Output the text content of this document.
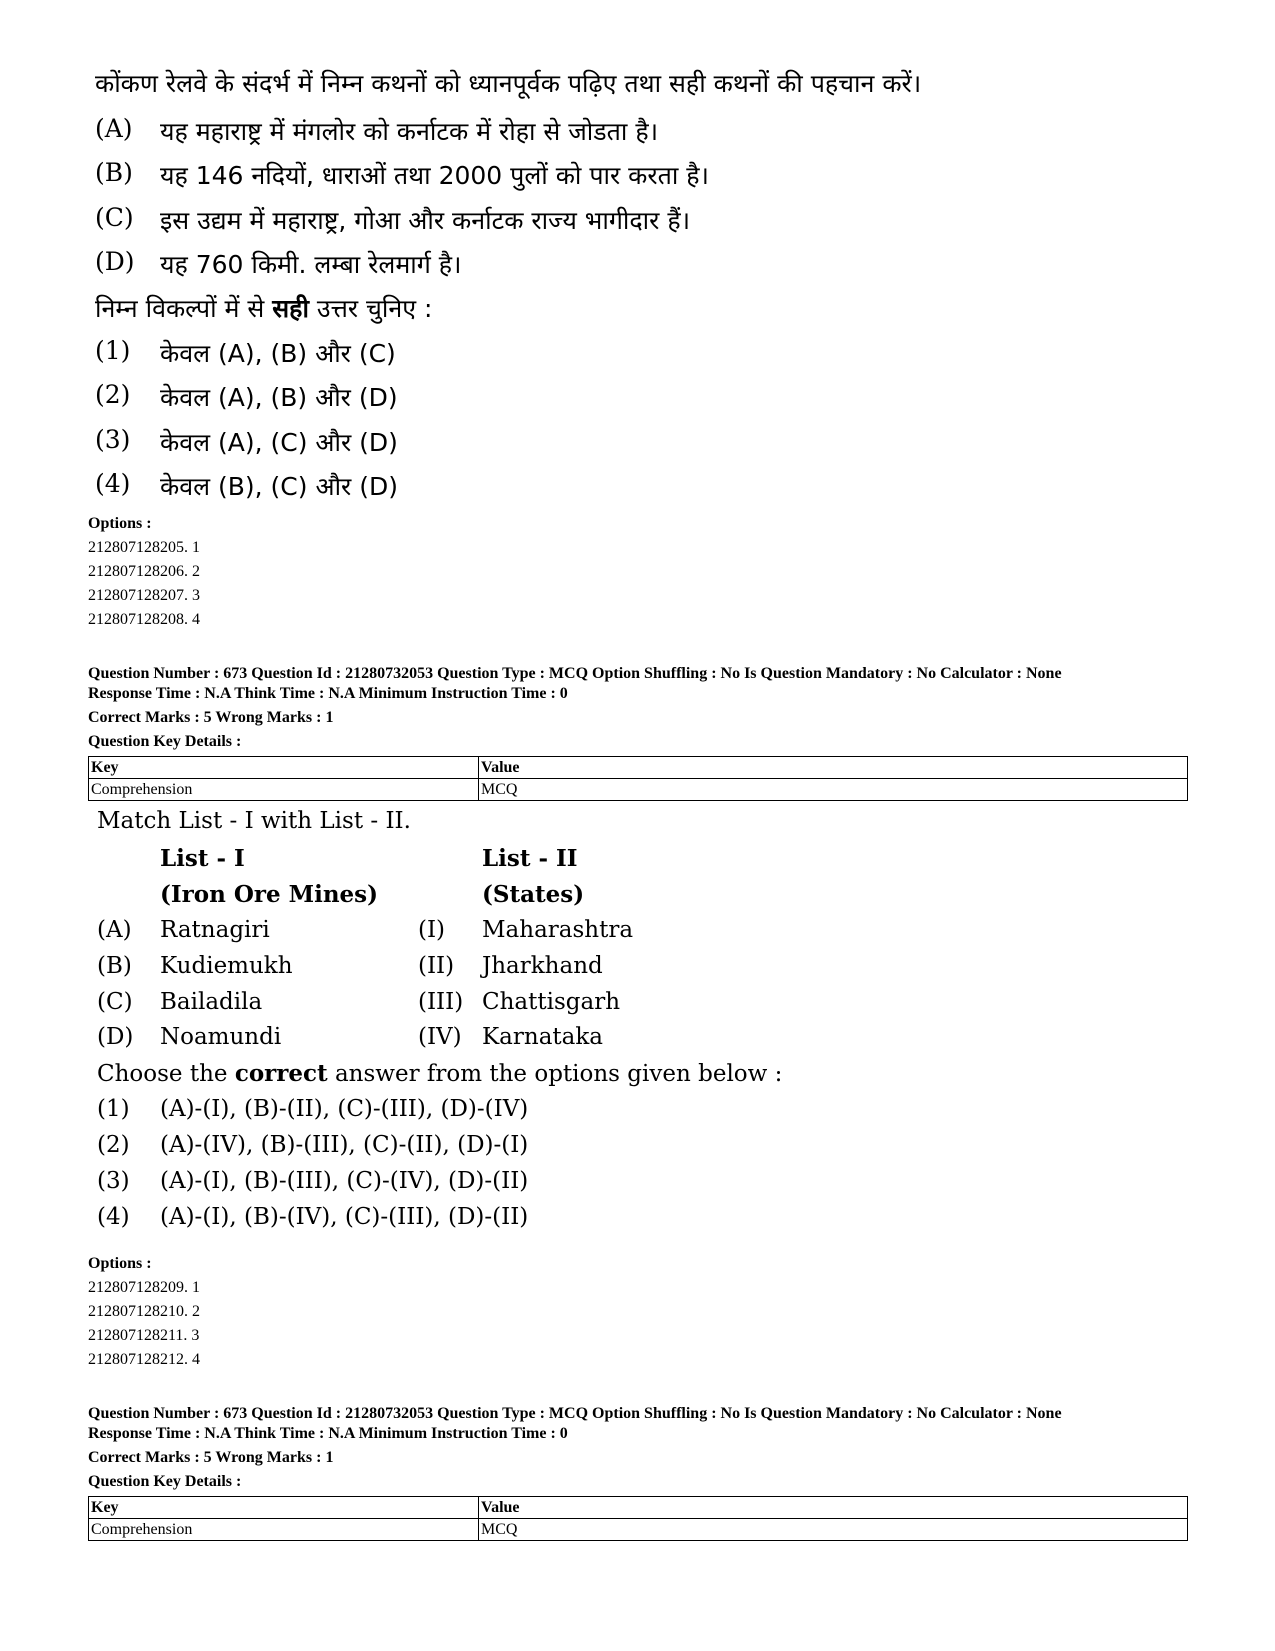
कोंकण रेलवे के संदर्भ में निम्न कथनों को ध्यानपूर्वक पढ़िए तथा सही कथनों की पहचान करें।
(A) यह महाराष्ट्र में मंगलोर को कर्नाटक में रोहा से जोडता है।
(B) यह 146 नदियों, धाराओं तथा 2000 पुलों को पार करता है।
(C) इस उद्यम में महाराष्ट्र, गोआ और कर्नाटक राज्य भागीदार हैं।
(D) यह 760 किमी. लम्बा रेलमार्ग है।
निम्न विकल्पों में से सही उत्तर चुनिए :
(1) केवल (A), (B) और (C)
(2) केवल (A), (B) और (D)
(3) केवल (A), (C) और (D)
(4) केवल (B), (C) और (D)
Options :
212807128205. 1
212807128206. 2
212807128207. 3
212807128208. 4
Question Number : 673 Question Id : 21280732053 Question Type : MCQ Option Shuffling : No Is Question Mandatory : No Calculator : None
Response Time : N.A Think Time : N.A Minimum Instruction Time : 0
Correct Marks : 5 Wrong Marks : 1
Question Key Details :
Key	Value
Comprehension	MCQ
Match List - I with List - II.
List - I	List - II
(Iron Ore Mines)	(States)
(A) Ratnagiri	(I) Maharashtra
(B) Kudiemukh	(II) Jharkhand
(C) Bailadila	(III) Chattisgarh
(D) Noamundi	(IV) Karnataka
Choose the correct answer from the options given below :
(1) (A)-(I), (B)-(II), (C)-(III), (D)-(IV)
(2) (A)-(IV), (B)-(III), (C)-(II), (D)-(I)
(3) (A)-(I), (B)-(III), (C)-(IV), (D)-(II)
(4) (A)-(I), (B)-(IV), (C)-(III), (D)-(II)
Options :
212807128209. 1
212807128210. 2
212807128211. 3
212807128212. 4
Question Number : 673 Question Id : 21280732053 Question Type : MCQ Option Shuffling : No Is Question Mandatory : No Calculator : None
Response Time : N.A Think Time : N.A Minimum Instruction Time : 0
Correct Marks : 5 Wrong Marks : 1
Question Key Details :
Key	Value
Comprehension	MCQ
